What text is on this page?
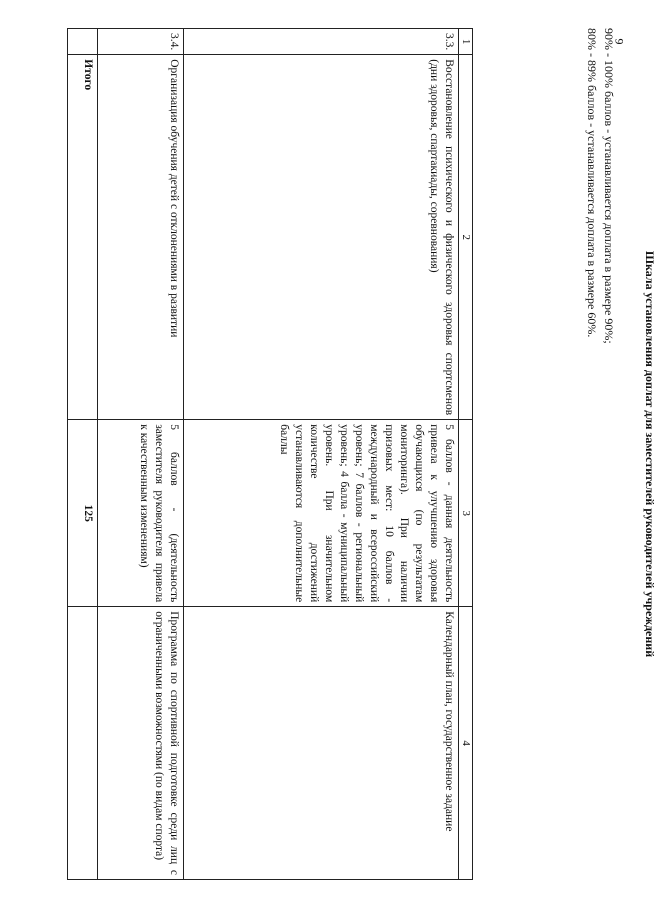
9
1	2	3	4
3.3.	Восстановление психического и физического здоровья спортсменов (дни здоровья, спартакиады, соревнования)	5 баллов - данная деятельность привела к улучшению здоровья обучающихся (по результатам мониторинга). При наличии призовых мест: 10 баллов - международный и всероссийский уровень; 7 баллов - региональный уровень; 4 балла - муниципальный уровень. При значительном количестве достижений устанавливаются дополнительные баллы	Календарный план, государственное задание
3.4.	Организация обучения детей с отклонениями в развитии	5 баллов - (деятельность заместителя руководителя привела к качественным изменениям)	Программа по спортивной подготовке среди лиц с ограниченными возможностями (по видам спорта)
	Итого	125		Шкала установления доплат для заместителей руководителей учреждений
90% - 100% баллов - устанавливается доплата в размере 90%;
80% - 89% баллов - устанавливается доплата в размере 60%.
